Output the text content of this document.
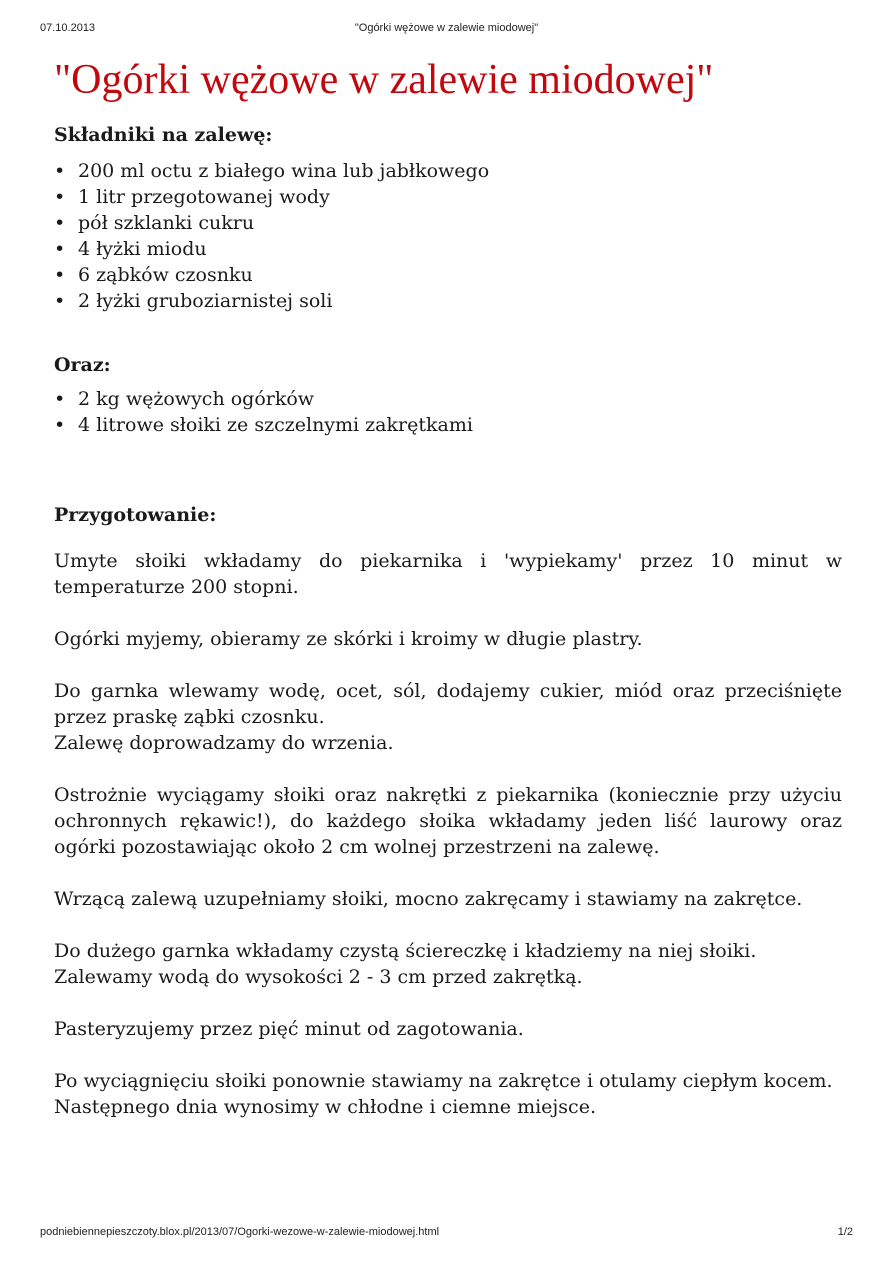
07.10.2013	"Ogórki wężowe w zalewie miodowej"
"Ogórki wężowe w zalewie miodowej"
Składniki na zalewę:
• 200 ml octu z białego wina lub jabłkowego
• 1 litr przegotowanej wody
• pół szklanki cukru
• 4 łyżki miodu
• 6 ząbków czosnku
• 2 łyżki gruboziarnistej soli
Oraz:
• 2 kg wężowych ogórków
• 4 litrowe słoiki ze szczelnymi zakrętkami
Przygotowanie:

Umyte słoiki wkładamy do piekarnika i 'wypiekamy' przez 10 minut w temperaturze 200 stopni.

Ogórki myjemy, obieramy ze skórki i kroimy w długie plastry.

Do garnka wlewamy wodę, ocet, sól, dodajemy cukier, miód oraz przeciśnięte przez praskę ząbki czosnku.
Zalewę doprowadzamy do wrzenia.

Ostrożnie wyciągamy słoiki oraz nakrętki z piekarnika (koniecznie przy użyciu ochronnych rękawic!), do każdego słoika wkładamy jeden liść laurowy oraz ogórki pozostawiając około 2 cm wolnej przestrzeni na zalewę.

Wrzącą zalewą uzupełniamy słoiki, mocno zakręcamy i stawiamy na zakrętce.

Do dużego garnka wkładamy czystą ściereczkę i kładziemy na niej słoiki.
Zalewamy wodą do wysokości 2 - 3 cm przed zakrętką.

Pasteryzujemy przez pięć minut od zagotowania.

Po wyciągnięciu słoiki ponownie stawiamy na zakrętce i otulamy ciepłym kocem.
Następnego dnia wynosimy w chłodne i ciemne miejsce.

podniebiennepieszczoty.blox.pl/2013/07/Ogorki-wezowe-w-zalewie-miodowej.html	1/2
